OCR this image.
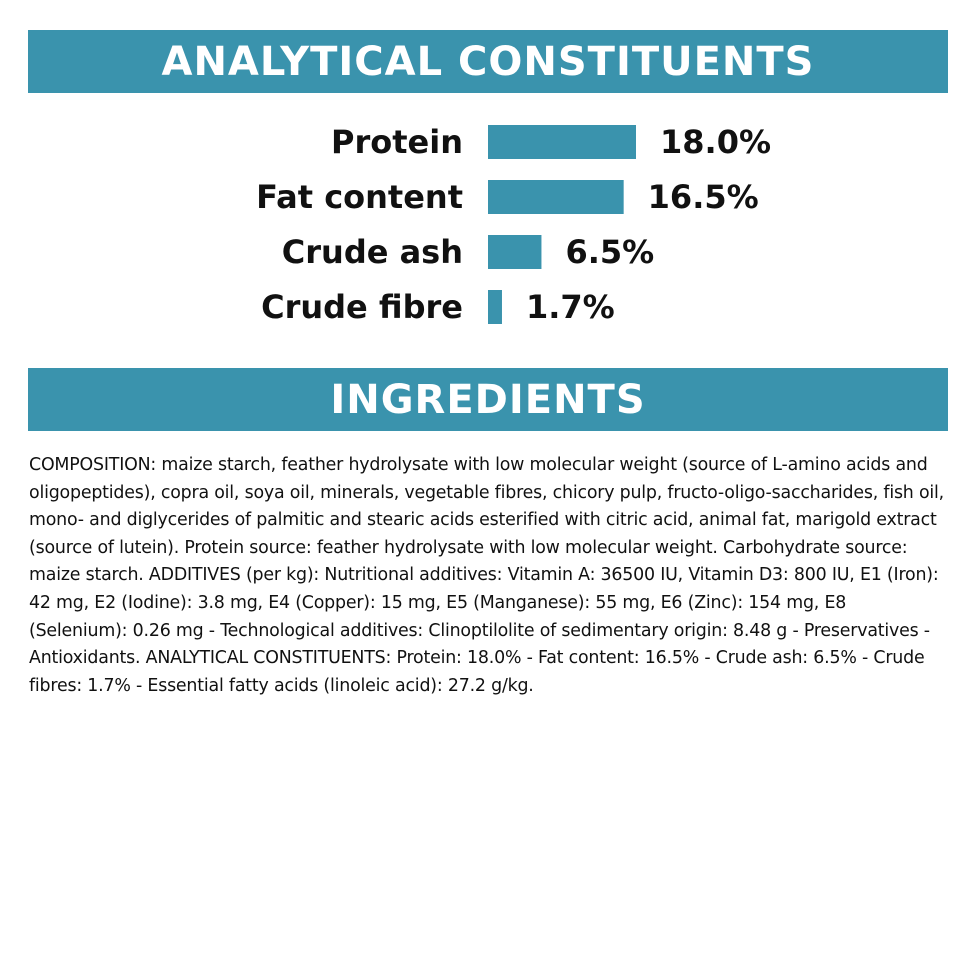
ANALYTICAL CONSTITUENTS
Protein	18.0%
Fat content	16.5%
Crude ash	6.5%
Crude fibre 1.7%
INGREDIENTS

COMPOSITION: maize starch, feather hydrolysate with low molecular weight (source of L-amino acids and oligopeptides), copra oil, soya oil, minerals, vegetable fibres, chicory pulp, fructo-oligo-saccharides, fish oil, mono- and diglycerides of palmitic and stearic acids esterified with citric acid, animal fat, marigold extract (source of lutein). Protein source: feather hydrolysate with low molecular weight. Carbohydrate source: maize starch. ADDITIVES (per kg): Nutritional additives: Vitamin A: 36500 IU, Vitamin D3: 800 IU, E1 (Iron): 42 mg, E2 (Iodine): 3.8 mg, E4 (Copper): 15 mg, E5 (Manganese): 55 mg, E6 (Zinc): 154 mg, E8 (Selenium): 0.26 mg - Technological additives: Clinoptilolite of sedimentary origin: 8.48 g - Preservatives - Antioxidants. ANALYTICAL CONSTITUENTS: Protein: 18.0% - Fat content: 16.5% - Crude ash: 6.5% - Crude fibres: 1.7% - Essential fatty acids (linoleic acid): 27.2 g/kg.
